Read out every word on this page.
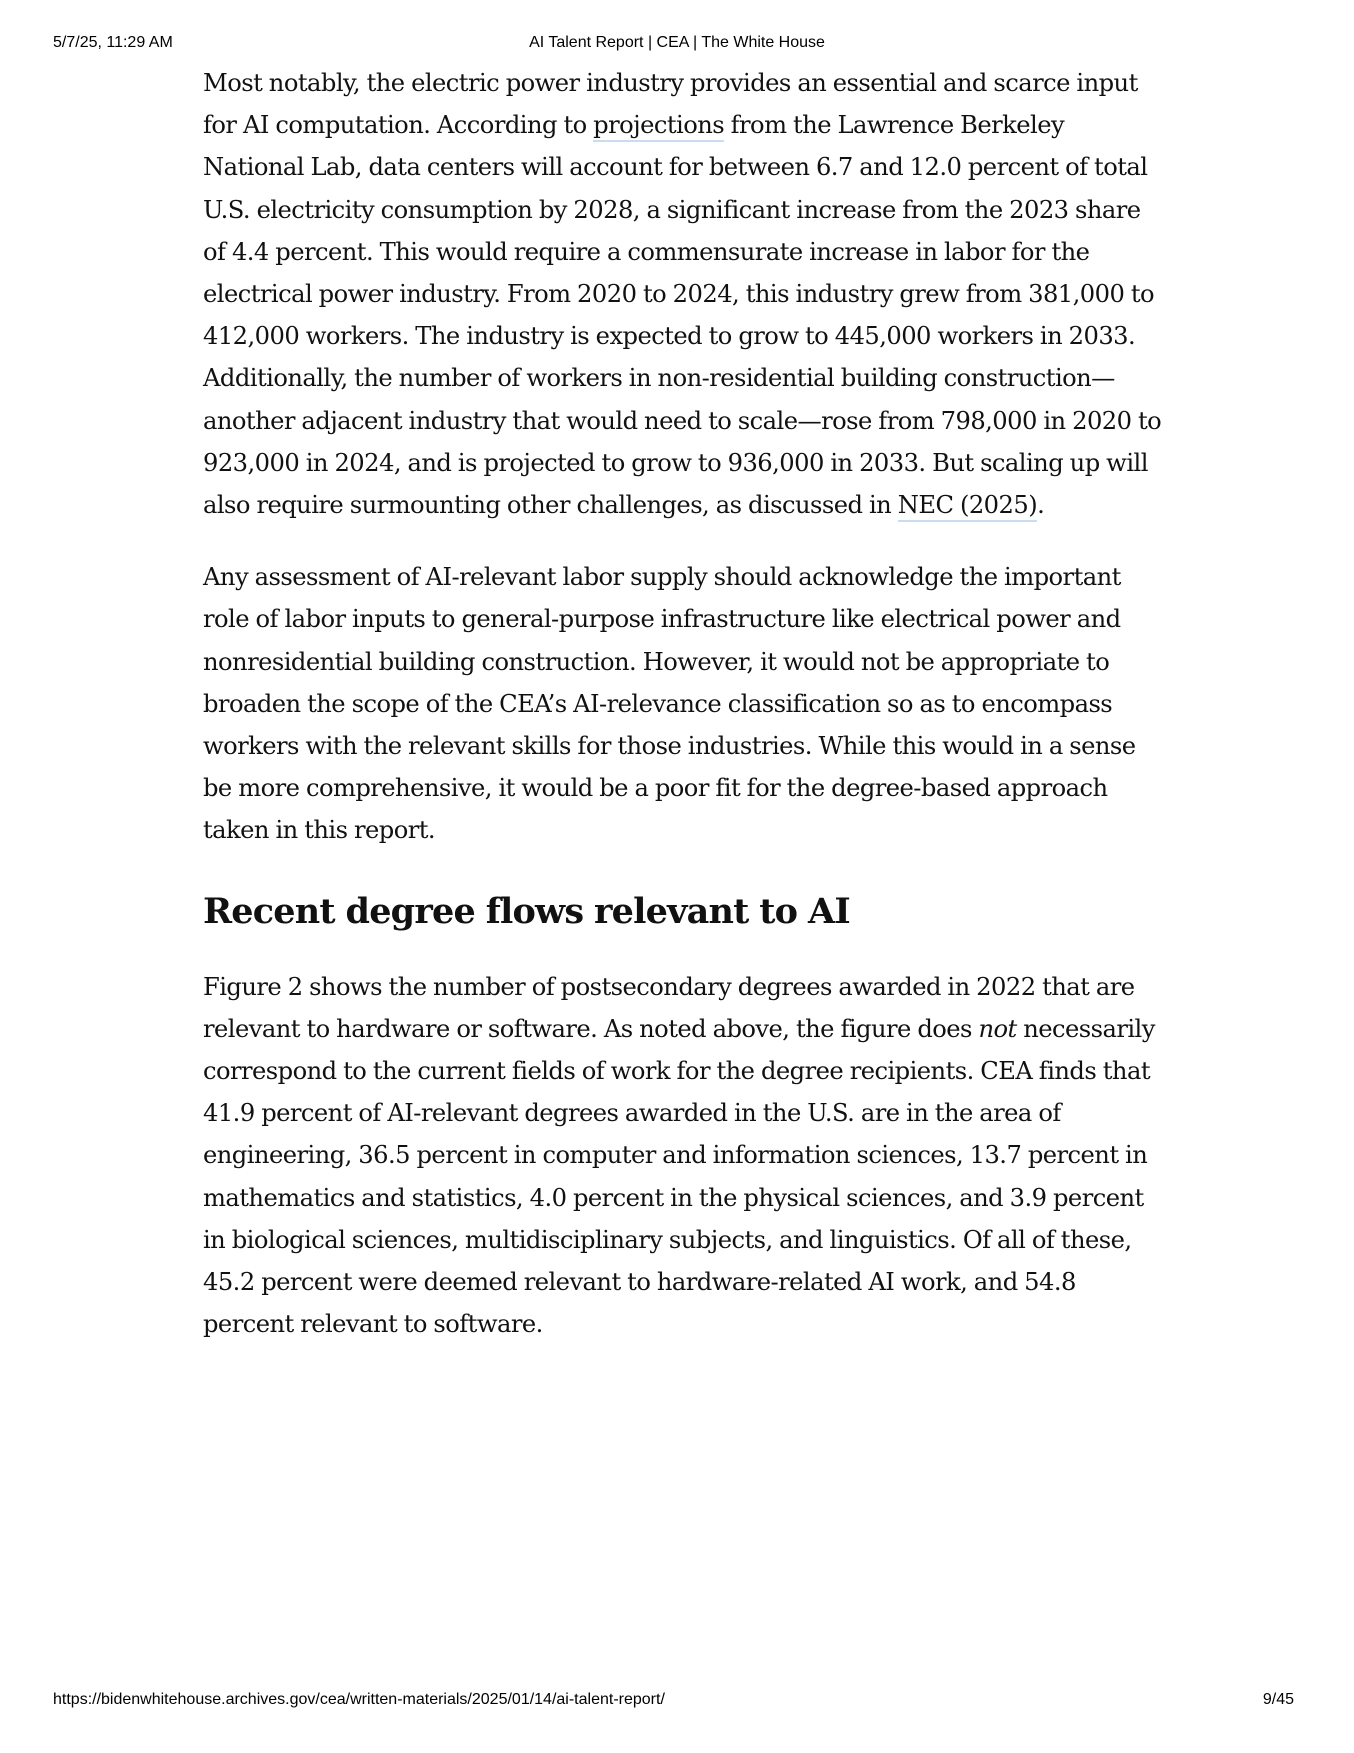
5/7/25, 11:29 AM	AI Talent Report | CEA | The White House

Most notably, the electric power industry provides an essential and scarce input for AI computation. According to projections from the Lawrence Berkeley National Lab, data centers will account for between 6.7 and 12.0 percent of total U.S. electricity consumption by 2028, a significant increase from the 2023 share of 4.4 percent. This would require a commensurate increase in labor for the electrical power industry. From 2020 to 2024, this industry grew from 381,000 to 412,000 workers. The industry is expected to grow to 445,000 workers in 2033. Additionally, the number of workers in non-residential building construction—another adjacent industry that would need to scale—rose from 798,000 in 2020 to 923,000 in 2024, and is projected to grow to 936,000 in 2033. But scaling up will also require surmounting other challenges, as discussed in NEC (2025).

Any assessment of AI-relevant labor supply should acknowledge the important role of labor inputs to general-purpose infrastructure like electrical power and nonresidential building construction. However, it would not be appropriate to broaden the scope of the CEA’s AI-relevance classification so as to encompass workers with the relevant skills for those industries. While this would in a sense be more comprehensive, it would be a poor fit for the degree-based approach taken in this report.

Recent degree flows relevant to AI

Figure 2 shows the number of postsecondary degrees awarded in 2022 that are relevant to hardware or software. As noted above, the figure does not necessarily correspond to the current fields of work for the degree recipients. CEA finds that 41.9 percent of AI-relevant degrees awarded in the U.S. are in the area of engineering, 36.5 percent in computer and information sciences, 13.7 percent in mathematics and statistics, 4.0 percent in the physical sciences, and 3.9 percent in biological sciences, multidisciplinary subjects, and linguistics. Of all of these, 45.2 percent were deemed relevant to hardware-related AI work, and 54.8 percent relevant to software.

https://bidenwhitehouse.archives.gov/cea/written-materials/2025/01/14/ai-talent-report/	9/45
